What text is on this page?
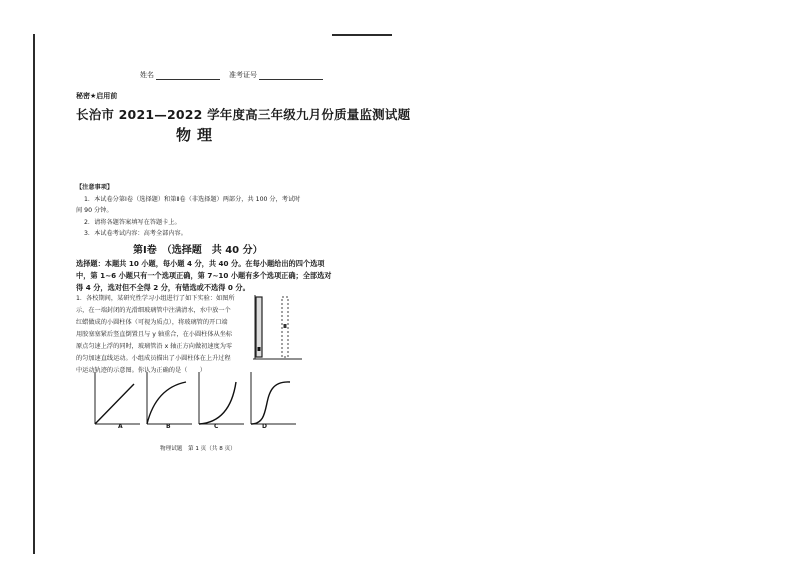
姓名	准考证号
秘密★启用前
长治市 2021—2022 学年度高三年级九月份质量监测试题
物理
【注意事项】
1．本试卷分第Ⅰ卷（选择题）和第Ⅱ卷（非选择题）两部分，共 100 分，考试时
间 90 分钟。
2．请将各题答案填写在答题卡上。
3．本试卷考试内容：高考全部内容。
第Ⅰ卷　（选择题　共 40 分）
选择题：本题共 10 小题，每小题 4 分，共 40 分。在每小题给出的四个选项
中，第 1~6 小题只有一个选项正确，第 7~10 小题有多个选项正确；全部选对
得 4 分，选对但不全得 2 分，有错选或不选得 0 分。
1．各校期间，某研究性学习小组进行了如下实验：如图所
示，在一端封闭的光滑细玻璃管中注满清水，水中放一个
红蜡做成的小圆柱体（可视为质点），将玻璃管的开口端
用胶塞塞紧后竖直倒置且与 y 轴重合，在小圆柱体从坐标
原点匀速上浮的同时，玻璃管沿 x 轴正方向做初速度为零
的匀加速直线运动。小组成员描出了小圆柱体在上升过程
中运动轨迹的示意图。你认为正确的是（　　）
A	B	C	D
物理试题　第 1 页（共 8 页）
